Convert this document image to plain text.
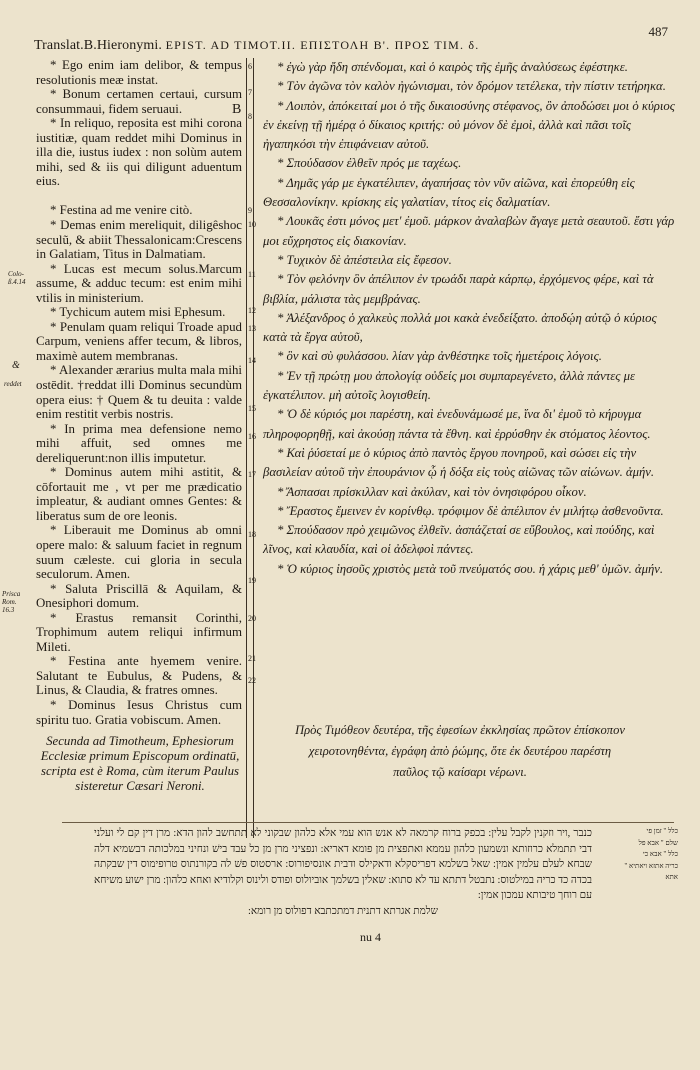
Translat.B.Hieronymi. EPIST. AD TIMOT.II. ΕΠΙΣΤΟΛΗ Β'. ΠΡΟΣ ΤΙΜ. δ.
487
B

* Ego enim iam delibor, & tempus resolutionis meæ instat.

* Bonum certamen certaui, cursum consummaui, fidem seruaui.

* In reliquo, reposita est mihi corona iustitiæ, quam reddet mihi Dominus in illa die, iustus iudex : non solùm autem mihi, sed & iis qui diligunt aduentum eius.

* Festina ad me venire citò.

* Demas enim mereliquit, diligêshoc seculũ, & abiit Thessalonicam:Crescens in Galatiam, Titus in Dalmatiam.

* Lucas est mecum solus.Marcum assume, & adduc tecum: est enim mihi vtilis in ministerium.

* Tychicum autem misi Ephesum.

* Penulam quam reliqui Troade apud Carpum, veniens affer tecum, & libros, maximè autem membranas.

* Alexander ærarius multa mala mihi ostēdit. †reddat illi Dominus secundùm opera eius: † Quem & tu deuita : valde enim restitit verbis nostris.

* In prima mea defensione nemo mihi affuit, sed omnes me dereliquerunt:non illis imputetur.

* Dominus autem mihi astitit, & cōfortauit me , vt per me prædicatio impleatur, & audiant omnes Gentes: & liberatus sum de ore leonis.

* Liberauit me Dominus ab omni opere malo: & saluum faciet in regnum suum cæleste. cui gloria in secula seculorum. Amen.

* Saluta Priscillā & Aquilam, & Onesiphori domum.

* Erastus remansit Corinthi, Trophimum autem reliqui infirmum Mileti.

* Festina ante hyemem venire. Salutant te Eubulus, & Pudens, & Linus, & Claudia, & fratres omnes.

* Dominus Iesus Christus cum spiritu tuo. Gratia vobiscum. Amen.

Secunda ad Timotheum, Ephesiorum Ecclesiæ primum Episcopum ordinatū, scripta est è Roma, cùm iterum Paulus sisteretur Cæsari Neroni.
Colo-ß.4.14
&
reddet
Prisca Rom. 16.3
6
7
8
9
10
11
12
13
14
15
16
17
18
19
20
21
22

* ἐγὼ γὰρ ἤδη σπένδομαι, καὶ ὁ καιρὸς τῆς ἐμῆς ἀναλύσεως ἐφέστηκε.

* Τὸν ἀγῶνα τὸν καλὸν ἠγώνισμαι, τὸν δρόμον τετέλεκα, τὴν πίστιν τετήρηκα.

* Λοιπὸν, ἀπόκειταί μοι ὁ τῆς δικαιοσύνης στέφανος, ὃν ἀποδώσει μοι ὁ κύριος ἐν ἐκείνῃ τῇ ἡμέρᾳ ὁ δίκαιος κριτής: οὐ μόνον δὲ ἐμοὶ, ἀλλὰ καὶ πᾶσι τοῖς ἠγαπηκόσι τὴν ἐπιφάνειαν αὐτοῦ.

* Σπούδασον ἐλθεῖν πρός με ταχέως.

* Δημᾶς γάρ με ἐγκατέλιπεν, ἀγαπήσας τὸν νῦν αἰῶνα, καὶ ἐπορεύθη εἰς Θεσσαλονίκην. κρίσκης εἰς γαλατίαν, τίτος εἰς δαλματίαν.

* Λουκᾶς ἐστι μόνος μετ' ἐμοῦ. μάρκον ἀναλαβὼν ἄγαγε μετὰ σεαυτοῦ. ἔστι γάρ μοι εὔχρηστος εἰς διακονίαν.

* Τυχικὸν δὲ ἀπέστειλα εἰς ἔφεσον.

* Τὸν φελόνην ὃν ἀπέλιπον ἐν τρωάδι παρὰ κάρπῳ, ἐρχόμενος φέρε, καὶ τὰ βιβλία, μάλιστα τὰς μεμβράνας.

* Ἀλέξανδρος ὁ χαλκεὺς πολλά μοι κακὰ ἐνεδείξατο. ἀποδῴη αὐτῷ ὁ κύριος κατὰ τὰ ἔργα αὐτοῦ,

* ὃν καὶ σὺ φυλάσσου. λίαν γὰρ ἀνθέστηκε τοῖς ἡμετέροις λόγοις.

* Ἐν τῇ πρώτῃ μου ἀπολογίᾳ οὐδείς μοι συμπαρεγένετο, ἀλλὰ πάντες με ἐγκατέλιπον. μὴ αὐτοῖς λογισθείη.

* Ὁ δὲ κύριός μοι παρέστη, καὶ ἐνεδυνάμωσέ με, ἵνα δι' ἐμοῦ τὸ κήρυγμα πληροφορηθῇ, καὶ ἀκούσῃ πάντα τὰ ἔθνη. καὶ ἐρρύσθην ἐκ στόματος λέοντος.

* Καὶ ῥύσεταί με ὁ κύριος ἀπὸ παντὸς ἔργου πονηροῦ, καὶ σώσει εἰς τὴν βασιλείαν αὐτοῦ τὴν ἐπουράνιον ᾧ ἡ δόξα εἰς τοὺς αἰῶνας τῶν αἰώνων. ἀμήν.

* Ἄσπασαι πρίσκιλλαν καὶ ἀκύλαν, καὶ τὸν ὀνησιφόρου οἶκον.

* Ἔραστος ἔμεινεν ἐν κορίνθῳ. τρόφιμον δὲ ἀπέλιπον ἐν μιλήτῳ ἀσθενοῦντα.

* Σπούδασον πρὸ χειμῶνος ἐλθεῖν. ἀσπάζεταί σε εὔβουλος, καὶ πούδης, καὶ λῖνος, καὶ κλαυδία, καὶ οἱ ἀδελφοὶ πάντες.

* Ὁ κύριος ἰησοῦς χριστὸς μετὰ τοῦ πνεύματός σου. ἡ χάρις μεθ' ὑμῶν. ἀμήν.

Πρὸς Τιμόθεον δευτέρα, τῆς ἐφεσίων ἐκκλησίας πρῶτον ἐπίσκοπον χειροτονηθέντα, ἐγράφη ἀπὸ ῥώμης, ὅτε ἐκ δευτέρου παρέστη παῦλος τῷ καίσαρι νέρωνι.

כנבר ,ויר וזקנין לקבל עלין: בכפק ברוח קרמאה לא אנש הוא עמי אלא כלהון שבקוני לא תתחשב להון הדא: מרן דין קם לי ועלני דבי תתמלא כרוזותא ונשמעון כלהון עממא ואתפצית מן פומא דאריא: ונפציני מרן מן כל עבד בישׁ ונחיני במלכותה דבשמיא דלה שבחא לעלם עלמין אמין: שאל בשלמא דפריסקלא ודאקילס ודבית אונסיפורוס: ארסטוס פשׁ לה בקורנתוס טרופימוס דין שבקתה בכדה כד כריה במילטוס: נתבטל דתתא עד לא סתוא: שאלין בשלמך אוביולוס ופודס ולינוס וקלודיא ואחא כלהון: מרן ישוע משיחא עם רוחך טיבותא עמכון אמין:

שלמת אגרתא דתנית דמתכתבא דפולוס מן רומא:

כלל " זמן פי

שלם " אבא פל

כלל " אבא כי

כריה אתזא ויאתיא "

אתא

nu 4
